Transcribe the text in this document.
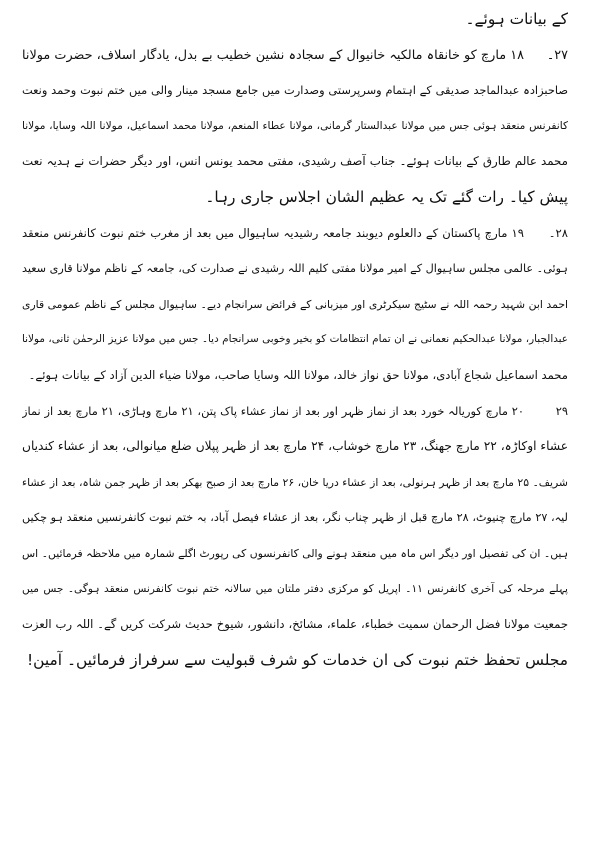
کے بیانات ہوئے۔
۲۷۔۱۸ مارچ کو خانقاہ مالکیہ خانیوال کے سجادہ نشین خطیب بے بدل، یادگار اسلاف، حضرت مولانا
صاحبزادہ عبدالماجد صدیقی کے اہتمام وسرپرستی وصدارت میں جامع مسجد مینار والی میں ختم نبوت وحمد ونعت
کانفرنس منعقد ہوئی جس میں مولانا عبدالستار گرمانی، مولانا عطاء المنعم، مولانا محمد اسماعیل، مولانا اللہ وسایا، مولانا
محمد عالم طارق کے بیانات ہوئے۔ جناب آصف رشیدی، مفتی محمد یونس انس، اور دیگر حضرات نے ہدیہ نعت
پیش کیا۔ رات گئے تک یہ عظیم الشان اجلاس جاری رہا۔
۲۸۔۱۹ مارچ پاکستان کے دالعلوم دیوبند جامعہ رشیدیہ ساہیوال میں بعد از مغرب ختم نبوت کانفرنس منعقد
ہوئی۔ عالمی مجلس ساہیوال کے امیر مولانا مفتی کلیم اللہ رشیدی نے صدارت کی، جامعہ کے ناظم مولانا قاری سعید
احمد ابن شہید رحمہ اللہ نے سٹیج سیکرٹری اور میزبانی کے فرائض سرانجام دیے۔ ساہیوال مجلس کے ناظم عمومی قاری
عبدالجبار، مولانا عبدالحکیم نعمانی نے ان تمام انتظامات کو بخیر وخوبی سرانجام دیا۔ جس میں مولانا عزیز الرحمٰن ثانی، مولانا
محمد اسماعیل شجاع آبادی، مولانا حق نواز خالد، مولانا اللہ وسایا صاحب، مولانا ضیاء الدین آزاد کے بیانات ہوئے۔
۲۹۲۰ مارچ کوریالہ خورد بعد از نماز ظہر اور بعد از نماز عشاء پاک پتن، ۲۱ مارچ وہاڑی، ۲۱ مارچ بعد از نماز
عشاء اوکاڑہ، ۲۲ مارچ جھنگ، ۲۳ مارچ خوشاب، ۲۴ مارچ بعد از ظہر پپلاں ضلع میانوالی، بعد از عشاء کندیاں
شریف۔ ۲۵ مارچ بعد از ظہر ہرنولی، بعد از عشاء دریا خان، ۲۶ مارچ بعد از صبح بھکر بعد از ظہر جمن شاہ، بعد از عشاء
لیہ، ۲۷ مارچ چنیوٹ، ۲۸ مارچ قبل از ظہر چناب نگر، بعد از عشاء فیصل آباد، بہ ختم نبوت کانفرنسیں منعقد ہو چکیں
ہیں۔ ان کی تفصیل اور دیگر اس ماہ میں منعقد ہونے والی کانفرنسوں کی رپورٹ اگلے شمارہ میں ملاحظہ فرمائیں۔ اس
پہلے مرحلہ کی آخری کانفرنس ۱۱۔ اپریل کو مرکزی دفتر ملتان میں سالانہ ختم نبوت کانفرنس منعقد ہوگی۔ جس میں
جمعیت مولانا فضل الرحمان سمیت خطباء، علماء، مشائخ، دانشور، شیوخ حدیث شرکت کریں گے۔ اللہ رب العزت
مجلس تحفظ ختم نبوت کی ان خدمات کو شرف قبولیت سے سرفراز فرمائیں۔ آمین!
